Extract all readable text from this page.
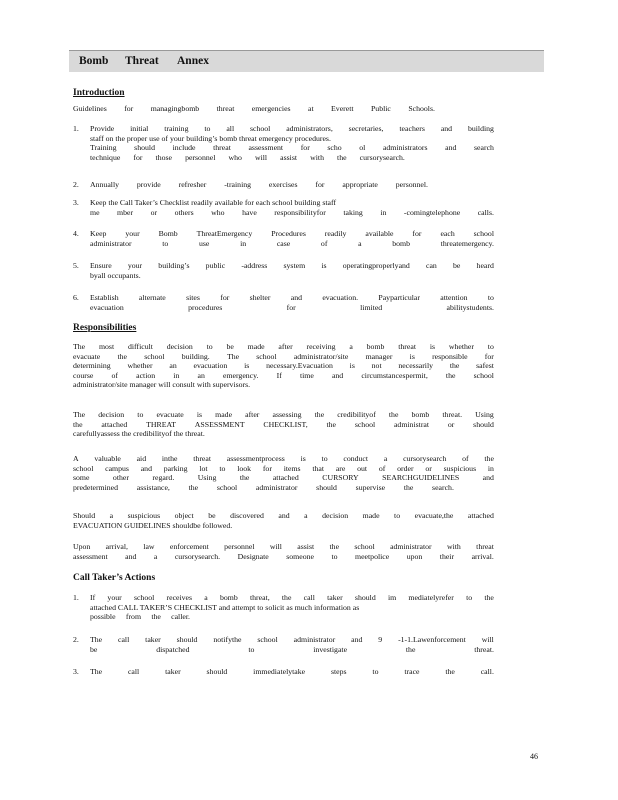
Bomb Threat Annex
Introduction
Guidelines for managingbomb threat emergencies at Everett Public Schools.
1. Provide initial training to all school administrators, secretaries, teachers and building
staff on the proper use of your building’s bomb threat emergency procedures.
Training should include threat assessment for scho ol administrators and search
technique for those personnel who will assist with the cursorysearch.
2. Annually provide refresher -training exercises for appropriate personnel.
3. Keep the Call Taker’s Checklist readily available for each school building staff
me mber or others who have responsibilityfor taking in -comingtelephone calls.
4. Keep your Bomb ThreatEmergency Procedures readily available for each school
administrator	to	use	in	case	of	a	bomb	threatemergency.
5. Ensure your building’s public -address system is operatingproperlyand can be heard
byall occupants.
6. Establish	alternate	sites	for	shelter	and	evacuation.	Payparticular	attention	to
evacuation	procedures	for	limited	abilitystudents.
Responsibilities
The most difficult decision to be made after receiving a bomb threat is whether to
evacuate the school building. The school administrator/site manager is responsible for
determining whether an evacuation is necessary.Evacuation is not necessarily the safest
course of action in an emergency. If time and circumstancespermit, the school
administrator/site manager will consult with supervisors.
The decision to evacuate is made after assessing the credibilityof the bomb threat. Using
the attached THREAT ASSESSMENT CHECKLIST, the school administrat or should
carefullyassess the credibilityof the threat.
A valuable aid inthe threat assessmentprocess is to conduct a cursorysearch of the
school campus and parking lot to look for items that are out of order or suspicious in
some	other	regard.	Using	the	attached	CURSORY	SEARCHGUIDELINES	and
predetermined assistance, the school administrator should supervise the search.
Should a suspicious object be discovered and a decision made to evacuate,the attached
EVACUATION GUIDELINES shouldbe followed.
Upon arrival, law enforcement personnel will assist the school administrator with threat
assessment and a cursorysearch. Designate someone to meetpolice upon their arrival.
Call Taker’s Actions
1. If your school receives a bomb threat, the call taker should im mediatelyrefer to the
attached CALL TAKER’S CHECKLIST and attempt to solicit as much information as
possible from the caller.
2. The call taker should notifythe school administrator and 9 -1-1.Lawenforcement will
be	dispatched	to	investigate	the	threat.
3. The	call	taker	should	immediatelytake	steps	to	trace	the	call.
46
